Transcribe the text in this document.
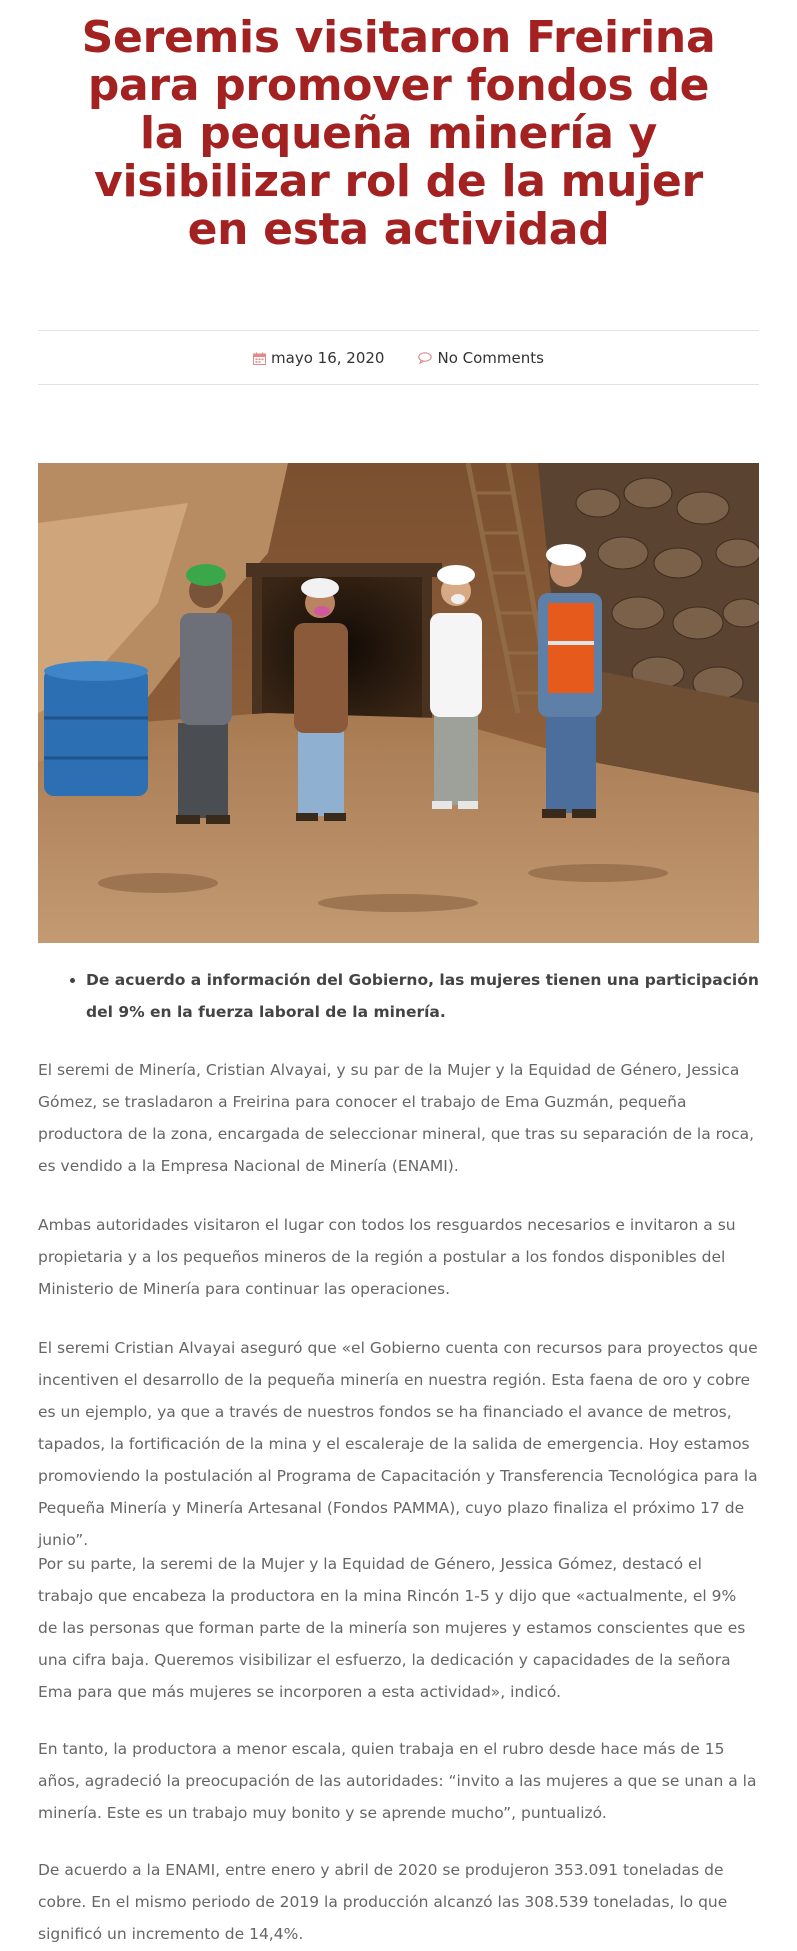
Seremis visitaron Freirina para promover fondos de la pequeña minería y visibilizar rol de la mujer en esta actividad
mayo 16, 2020	No Comments
• De acuerdo a información del Gobierno, las mujeres tienen una participación del 9% en la fuerza laboral de la minería.

El seremi de Minería, Cristian Alvayai, y su par de la Mujer y la Equidad de Género, Jessica Gómez, se trasladaron a Freirina para conocer el trabajo de Ema Guzmán, pequeña productora de la zona, encargada de seleccionar mineral, que tras su separación de la roca, es vendido a la Empresa Nacional de Minería (ENAMI).

Ambas autoridades visitaron el lugar con todos los resguardos necesarios e invitaron a su propietaria y a los pequeños mineros de la región a postular a los fondos disponibles del Ministerio de Minería para continuar las operaciones.

El seremi Cristian Alvayai aseguró que «el Gobierno cuenta con recursos para proyectos que incentiven el desarrollo de la pequeña minería en nuestra región. Esta faena de oro y cobre es un ejemplo, ya que a través de nuestros fondos se ha financiado el avance de metros, tapados, la fortificación de la mina y el escaleraje de la salida de emergencia. Hoy estamos promoviendo la postulación al Programa de Capacitación y Transferencia Tecnológica para la Pequeña Minería y Minería Artesanal (Fondos PAMMA), cuyo plazo finaliza el próximo 17 de junio”.

Por su parte, la seremi de la Mujer y la Equidad de Género, Jessica Gómez, destacó el trabajo que encabeza la productora en la mina Rincón 1-5 y dijo que «actualmente, el 9% de las personas que forman parte de la minería son mujeres y estamos conscientes que es una cifra baja. Queremos visibilizar el esfuerzo, la dedicación y capacidades de la señora Ema para que más mujeres se incorporen a esta actividad», indicó.

En tanto, la productora a menor escala, quien trabaja en el rubro desde hace más de 15 años, agradeció la preocupación de las autoridades: “invito a las mujeres a que se unan a la minería. Este es un trabajo muy bonito y se aprende mucho”, puntualizó.

De acuerdo a la ENAMI, entre enero y abril de 2020 se produjeron 353.091 toneladas de cobre. En el mismo periodo de 2019 la producción alcanzó las 308.539 toneladas, lo que significó un incremento de 14,4%.
